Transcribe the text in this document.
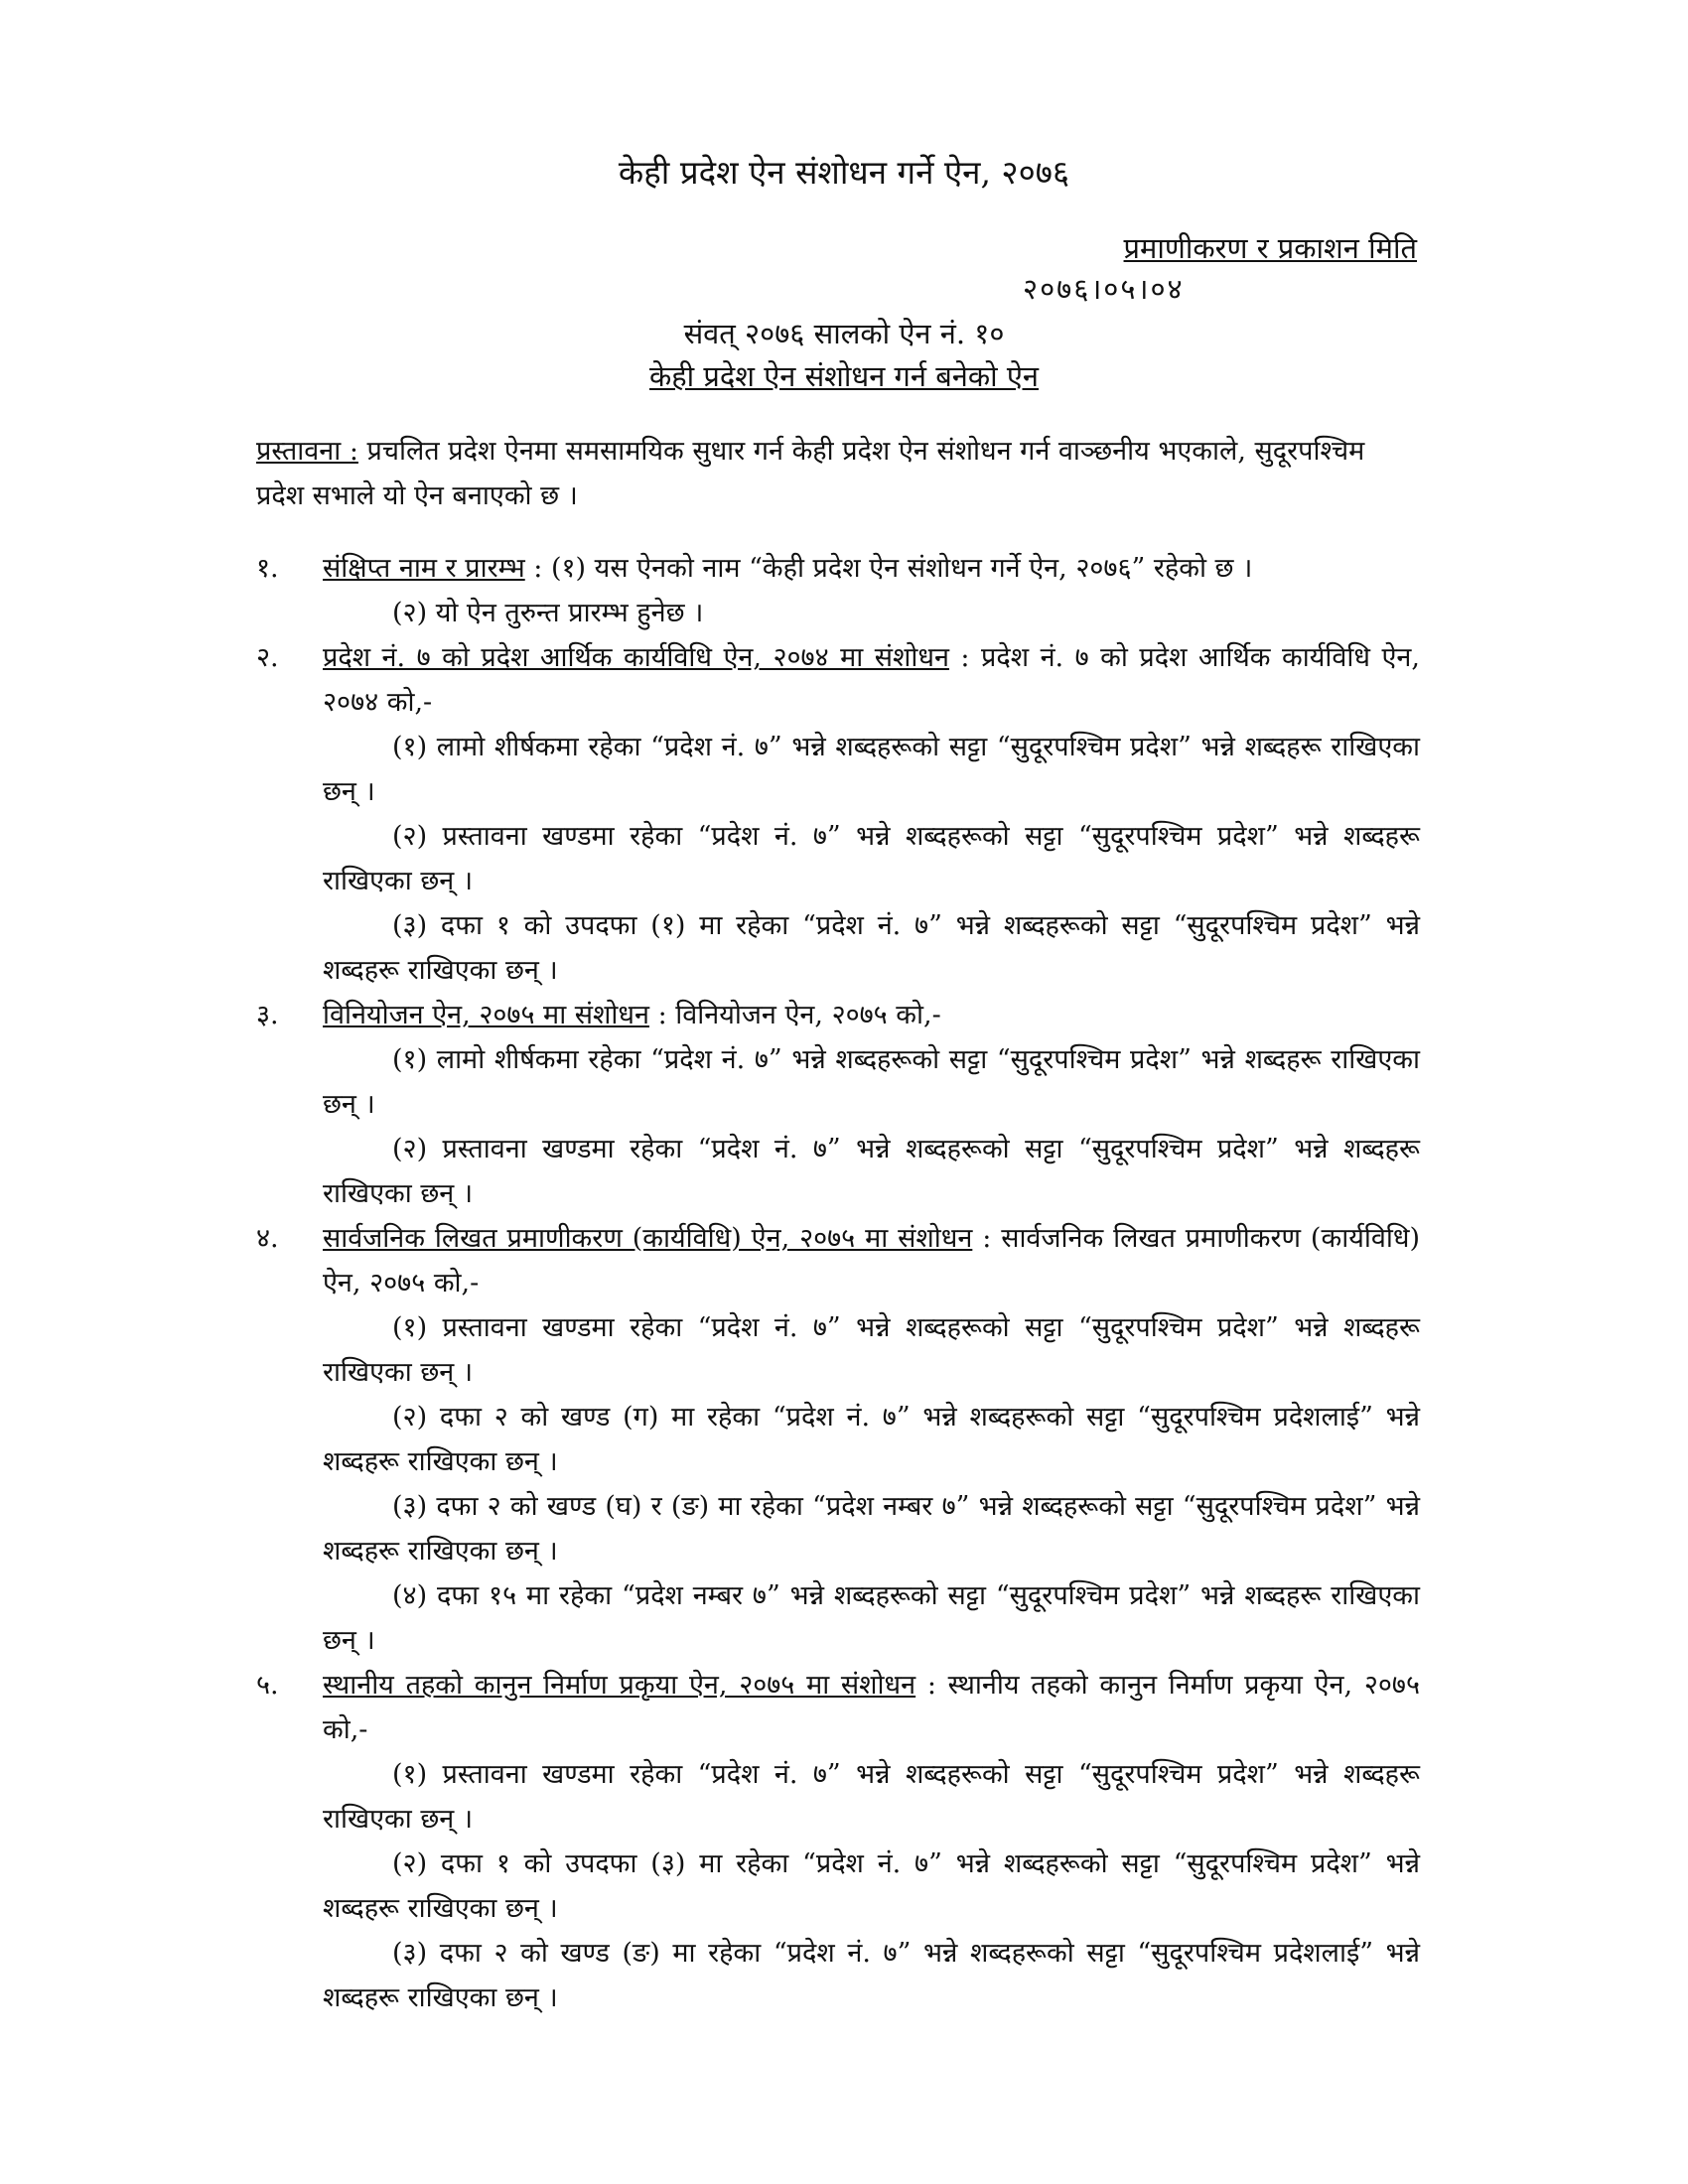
केही प्रदेश ऐन संशोधन गर्ने ऐन, २०७६
प्रमाणीकरण र प्रकाशन मिति
२०७६।०५।०४
संवत् २०७६ सालको ऐन नं. १०
केही प्रदेश ऐन संशोधन गर्न बनेको ऐन
प्रस्तावना : प्रचलित प्रदेश ऐनमा समसामयिक सुधार गर्न केही प्रदेश ऐन संशोधन गर्न वाञ्छनीय भएकाले, सुदूरपश्चिम प्रदेश सभाले यो ऐन बनाएको छ ।
१. संक्षिप्त नाम र प्रारम्भ : (१) यस ऐनको नाम “केही प्रदेश ऐन संशोधन गर्ने ऐन, २०७६” रहेको छ ।

(२) यो ऐन तुरुन्त प्रारम्भ हुनेछ ।

२. प्रदेश नं. ७ को प्रदेश आर्थिक कार्यविधि ऐन, २०७४ मा संशोधन : प्रदेश नं. ७ को प्रदेश आर्थिक कार्यविधि ऐन, २०७४ को,-

(१) लामो शीर्षकमा रहेका “प्रदेश नं. ७” भन्ने शब्दहरूको सट्टा “सुदूरपश्चिम प्रदेश” भन्ने शब्दहरू राखिएका छन् ।

(२) प्रस्तावना खण्डमा रहेका “प्रदेश नं. ७” भन्ने शब्दहरूको सट्टा “सुदूरपश्चिम प्रदेश” भन्ने शब्दहरू राखिएका छन् ।

(३) दफा १ को उपदफा (१) मा रहेका “प्रदेश नं. ७” भन्ने शब्दहरूको सट्टा “सुदूरपश्चिम प्रदेश” भन्ने शब्दहरू राखिएका छन् ।

३. विनियोजन ऐन, २०७५ मा संशोधन : विनियोजन ऐन, २०७५ को,-

(१) लामो शीर्षकमा रहेका “प्रदेश नं. ७” भन्ने शब्दहरूको सट्टा “सुदूरपश्चिम प्रदेश” भन्ने शब्दहरू राखिएका छन् ।

(२) प्रस्तावना खण्डमा रहेका “प्रदेश नं. ७” भन्ने शब्दहरूको सट्टा “सुदूरपश्चिम प्रदेश” भन्ने शब्दहरू राखिएका छन् ।

४. सार्वजनिक लिखत प्रमाणीकरण (कार्यविधि) ऐन, २०७५ मा संशोधन : सार्वजनिक लिखत प्रमाणीकरण (कार्यविधि) ऐन, २०७५ को,-

(१) प्रस्तावना खण्डमा रहेका “प्रदेश नं. ७” भन्ने शब्दहरूको सट्टा “सुदूरपश्चिम प्रदेश” भन्ने शब्दहरू राखिएका छन् ।

(२) दफा २ को खण्ड (ग) मा रहेका “प्रदेश नं. ७” भन्ने शब्दहरूको सट्टा “सुदूरपश्चिम प्रदेशलाई” भन्ने शब्दहरू राखिएका छन् ।

(३) दफा २ को खण्ड (घ) र (ङ) मा रहेका “प्रदेश नम्बर ७” भन्ने शब्दहरूको सट्टा “सुदूरपश्चिम प्रदेश” भन्ने शब्दहरू राखिएका छन् ।

(४) दफा १५ मा रहेका “प्रदेश नम्बर ७” भन्ने शब्दहरूको सट्टा “सुदूरपश्चिम प्रदेश” भन्ने शब्दहरू राखिएका छन् ।

५. स्थानीय तहको कानुन निर्माण प्रकृया ऐन, २०७५ मा संशोधन : स्थानीय तहको कानुन निर्माण प्रकृया ऐन, २०७५ को,-

(१) प्रस्तावना खण्डमा रहेका “प्रदेश नं. ७” भन्ने शब्दहरूको सट्टा “सुदूरपश्चिम प्रदेश” भन्ने शब्दहरू राखिएका छन् ।

(२) दफा १ को उपदफा (३) मा रहेका “प्रदेश नं. ७” भन्ने शब्दहरूको सट्टा “सुदूरपश्चिम प्रदेश” भन्ने शब्दहरू राखिएका छन् ।

(३) दफा २ को खण्ड (ङ) मा रहेका “प्रदेश नं. ७” भन्ने शब्दहरूको सट्टा “सुदूरपश्चिम प्रदेशलाई” भन्ने शब्दहरू राखिएका छन् ।
